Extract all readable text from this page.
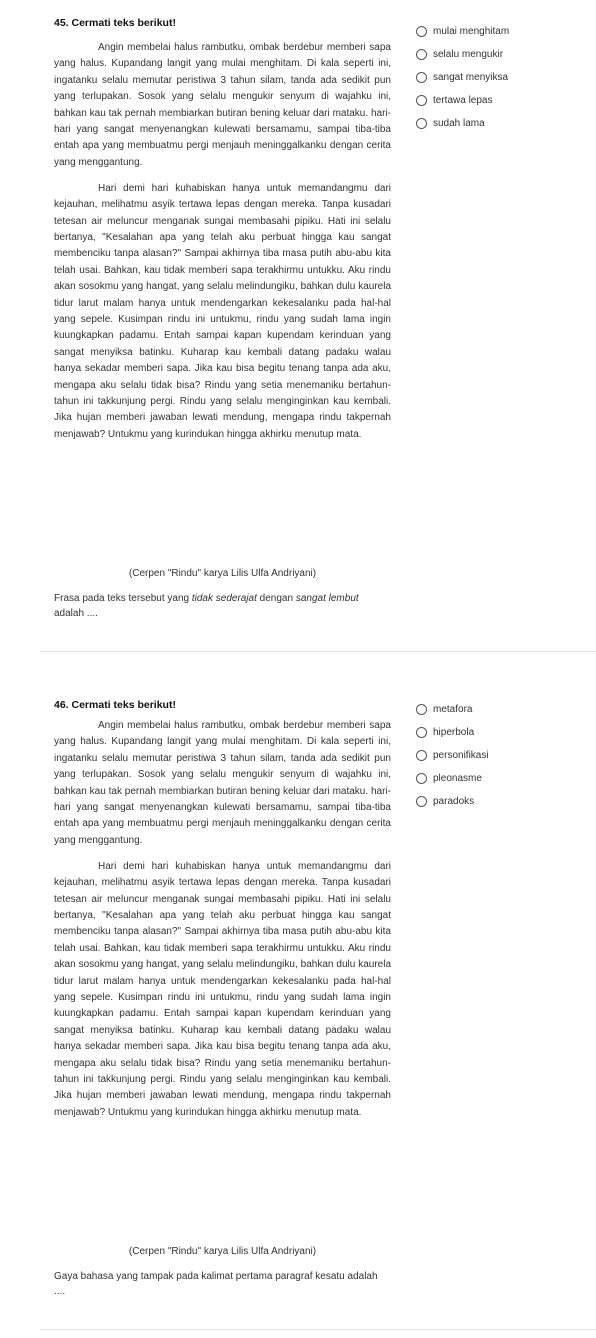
45. Cermati teks berikut!

Angin membelai halus rambutku, ombak berdebur memberi sapa yang halus. Kupandang langit yang mulai menghitam. Di kala seperti ini, ingatanku selalu memutar peristiwa 3 tahun silam, tanda ada sedikit pun yang terlupakan. Sosok yang selalu mengukir senyum di wajahku ini, bahkan kau tak pernah membiarkan butiran bening keluar dari mataku. hari-hari yang sangat menyenangkan kulewati bersamamu, sampai tiba-tiba entah apa yang membuatmu pergi menjauh meninggalkanku dengan cerita yang menggantung.

Hari demi hari kuhabiskan hanya untuk memandangmu dari kejauhan, melihatmu asyik tertawa lepas dengan mereka. Tanpa kusadari tetesan air meluncur menganak sungai membasahi pipiku. Hati ini selalu bertanya, "Kesalahan apa yang telah aku perbuat hingga kau sangat membenciku tanpa alasan?" Sampai akhirnya tiba masa putih abu-abu kita telah usai. Bahkan, kau tidak memberi sapa terakhirmu untukku. Aku rindu akan sosokmu yang hangat, yang selalu melindungiku, bahkan dulu kaurela tidur larut malam hanya untuk mendengarkan kekesalanku pada hal-hal yang sepele. Kusimpan rindu ini untukmu, rindu yang sudah lama ingin kuungkapkan padamu. Entah sampai kapan kupendam kerinduan yang sangat menyiksa batinku. Kuharap kau kembali datang padaku walau hanya sekadar memberi sapa. Jika kau bisa begitu tenang tanpa ada aku, mengapa aku selalu tidak bisa? Rindu yang setia menemaniku bertahun-tahun ini takkunjung pergi. Rindu yang selalu menginginkan kau kembali. Jika hujan memberi jawaban lewati mendung, mengapa rindu takpernah menjawab? Untukmu yang kurindukan hingga akhirku menutup mata.

(Cerpen "Rindu" karya Lilis Ulfa Andriyani)
Frasa pada teks tersebut yang tidak sederajat dengan sangat lembut adalah ....
mulai menghitam
selalu mengukir
sangat menyiksa
tertawa lepas
sudah lama
46. Cermati teks berikut!

Angin membelai halus rambutku, ombak berdebur memberi sapa yang halus. Kupandang langit yang mulai menghitam. Di kala seperti ini, ingatanku selalu memutar peristiwa 3 tahun silam, tanda ada sedikit pun yang terlupakan. Sosok yang selalu mengukir senyum di wajahku ini, bahkan kau tak pernah membiarkan butiran bening keluar dari mataku. hari-hari yang sangat menyenangkan kulewati bersamamu, sampai tiba-tiba entah apa yang membuatmu pergi menjauh meninggalkanku dengan cerita yang menggantung.

Hari demi hari kuhabiskan hanya untuk memandangmu dari kejauhan, melihatmu asyik tertawa lepas dengan mereka. Tanpa kusadari tetesan air meluncur menganak sungai membasahi pipiku. Hati ini selalu bertanya, "Kesalahan apa yang telah aku perbuat hingga kau sangat membenciku tanpa alasan?" Sampai akhirnya tiba masa putih abu-abu kita telah usai. Bahkan, kau tidak memberi sapa terakhirmu untukku. Aku rindu akan sosokmu yang hangat, yang selalu melindungiku, bahkan dulu kaurela tidur larut malam hanya untuk mendengarkan kekesalanku pada hal-hal yang sepele. Kusimpan rindu ini untukmu, rindu yang sudah lama ingin kuungkapkan padamu. Entah sampai kapan kupendam kerinduan yang sangat menyiksa batinku. Kuharap kau kembali datang padaku walau hanya sekadar memberi sapa. Jika kau bisa begitu tenang tanpa ada aku, mengapa aku selalu tidak bisa? Rindu yang setia menemaniku bertahun-tahun ini takkunjung pergi. Rindu yang selalu menginginkan kau kembali. Jika hujan memberi jawaban lewati mendung, mengapa rindu takpernah menjawab? Untukmu yang kurindukan hingga akhirku menutup mata.

(Cerpen "Rindu" karya Lilis Ulfa Andriyani)
Gaya bahasa yang tampak pada kalimat pertama paragraf kesatu adalah ....
metafora
hiperbola
personifikasi
pleonasme
paradoks
